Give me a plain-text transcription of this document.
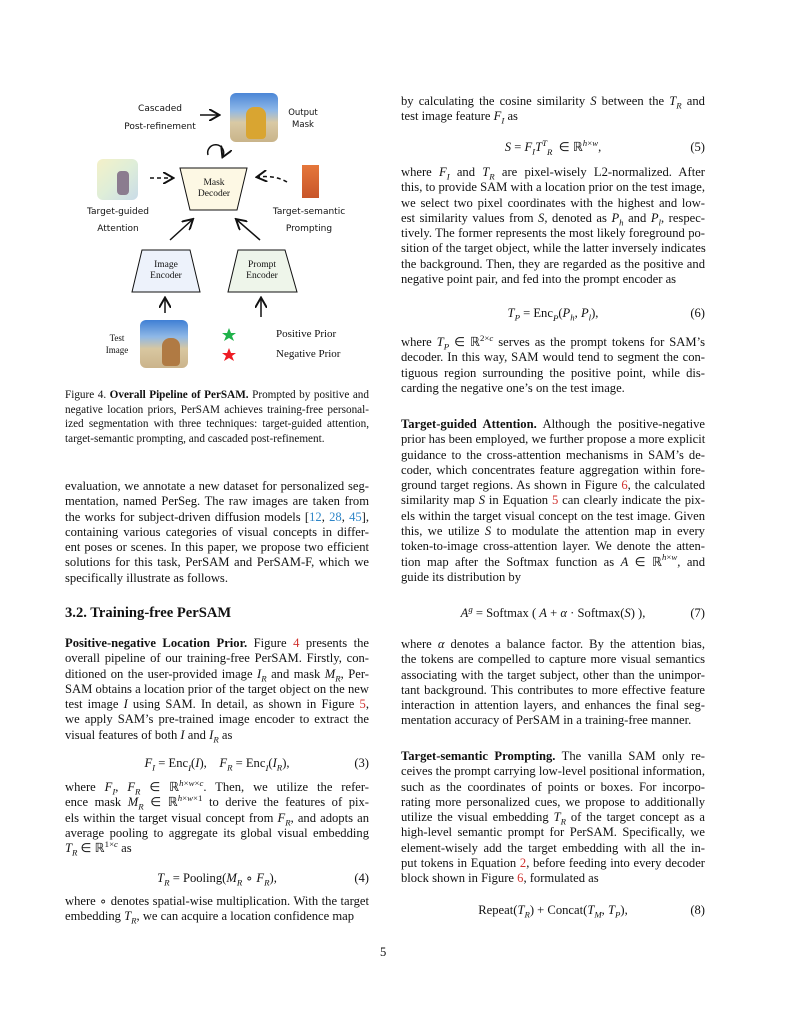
Cascaded
Post-refinement
Output
Mask
Mask
Decoder
Target-guided
Attention
Target-semantic
Prompting
Image
Encoder
Prompt
Encoder
Test
Image
Positive Prior
Negative Prior
Figure 4. Overall Pipeline of PerSAM. Prompted by positive and
negative location priors, PerSAM achieves training-free personal-
ized segmentation with three techniques: target-guided attention,
target-semantic prompting, and cascaded post-refinement.
evaluation, we annotate a new dataset for personalized seg-
mentation, named PerSeg. The raw images are taken from
the works for subject-driven diffusion models [12, 28, 45],
containing various categories of visual concepts in differ-
ent poses or scenes. In this paper, we propose two efficient
solutions for this task, PerSAM and PerSAM-F, which we
specifically illustrate as follows.
3.2. Training-free PerSAM
Positive-negative Location Prior. Figure 4 presents the
overall pipeline of our training-free PerSAM. Firstly, con-
ditioned on the user-provided image $I_R$ and mask $M_R$, Per-
SAM obtains a location prior of the target object on the new
test image I using SAM. In detail, as shown in Figure 5,
we apply SAM’s pre-trained image encoder to extract the
visual features of both I and $I_R$ as
$F_I = Enc_I(I)$,    $F_R = Enc_I(I_R)$,	(3)
where $F_I$, $F_R$ ∈ ℝ$^{h\times w\times c}$. Then, we utilize the refer-
ence mask $M_R$ ∈ ℝ$^{h\times w\times 1}$ to derive the features of pix-
els within the target visual concept from $F_R$, and adopts an
average pooling to aggregate its global visual embedding
$T_R$ ∈ ℝ$^{1\times c}$ as
$T_R$ = $Pooling(M_R$ ∘ $F_R$),	(4)
where ∘ denotes spatial-wise multiplication. With the target
embedding $T_R$, we can acquire a location confidence map
by calculating the cosine similarity S between the $T_R$ and
test image feature $F_I$ as
$S = F_IT^T_R$  ∈ ℝ$^{h\times w}$,	(5)
where $F_I$ and $T_R$ are pixel-wisely L2-normalized. After
this, to provide SAM with a location prior on the test image,
we select two pixel coordinates with the highest and low-
est similarity values from S, denoted as $P_h$ and $P_l$, respec-
tively. The former represents the most likely foreground po-
sition of the target object, while the latter inversely indicates
the background. Then, they are regarded as the positive and
negative point pair, and fed into the prompt encoder as
$T_P = Enc_P(P_h$, $P_l$),	(6)
where $T_P$ ∈ ℝ$^{2\times c}$ serves as the prompt tokens for SAM’s
decoder. In this way, SAM would tend to segment the con-
tiguous region surrounding the positive point, while dis-
carding the negative one’s on the test image.
Target-guided Attention. Although the positive-negative
prior has been employed, we further propose a more explicit
guidance to the cross-attention mechanisms in SAM’s de-
coder, which concentrates feature aggregation within fore-
ground target regions. As shown in Figure 6, the calculated
similarity map S in Equation 5 can clearly indicate the pix-
els within the target visual concept on the test image. Given
this, we utilize S to modulate the attention map in every
token-to-image cross-attention layer. We denote the atten-
tion map after the Softmax function as A ∈ ℝ$^{h\times w}$, and
guide its distribution by
$A^g$ = Softmax ( A + α · Softmax(S) ),	(7)
where α denotes a balance factor. By the attention bias,
the tokens are compelled to capture more visual semantics
associating with the target subject, other than the unimpor-
tant background. This contributes to more effective feature
interaction in attention layers, and enhances the final seg-
mentation accuracy of PerSAM in a training-free manner.
Target-semantic Prompting. The vanilla SAM only re-
ceives the prompt carrying low-level positional information,
such as the coordinates of points or boxes. For incorpo-
rating more personalized cues, we propose to additionally
utilize the visual embedding $T_R$ of the target concept as a
high-level semantic prompt for PerSAM. Specifically, we
element-wisely add the target embedding with all the in-
put tokens in Equation 2, before feeding into every decoder
block shown in Figure 6, formulated as
$Repeat(T_R)$ + $Concat(T_M$, $T_P$),	(8)
5
